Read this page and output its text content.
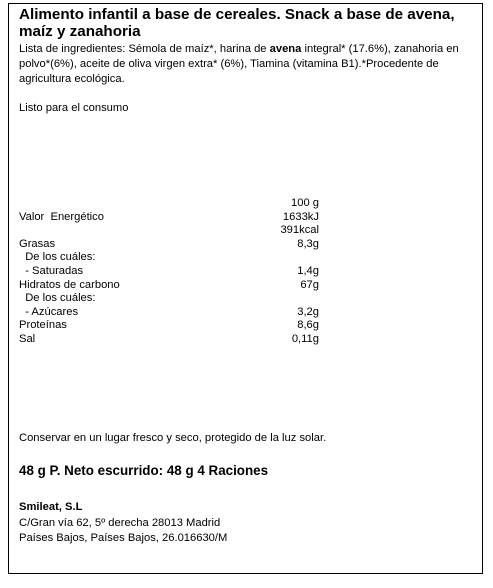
Alimento infantil a base de cereales. Snack a base de avena, maíz y zanahoria
Lista de ingredientes: Sémola de maíz*, harina de avena integral* (17.6%), zanahoria en polvo*(6%), aceite de oliva virgen extra* (6%), Tiamina (vitamina B1).*Procedente de agricultura ecológica.
Listo para el consumo
100 g
Valor  Energético	1633kJ
391kcal
Grasas	8,3g
De los cuáles:
- Saturadas	1,4g
Hidratos de carbono	67g
De los cuáles:
- Azúcares	3,2g
Proteínas	8,6g
Sal	0,11g
Conservar en un lugar fresco y seco, protegido de la luz solar.
48 g P. Neto escurrido: 48 g 4 Raciones
Smileat, S.L
C/Gran vía 62, 5º derecha 28013 Madrid
Países Bajos, Países Bajos, 26.016630/M
